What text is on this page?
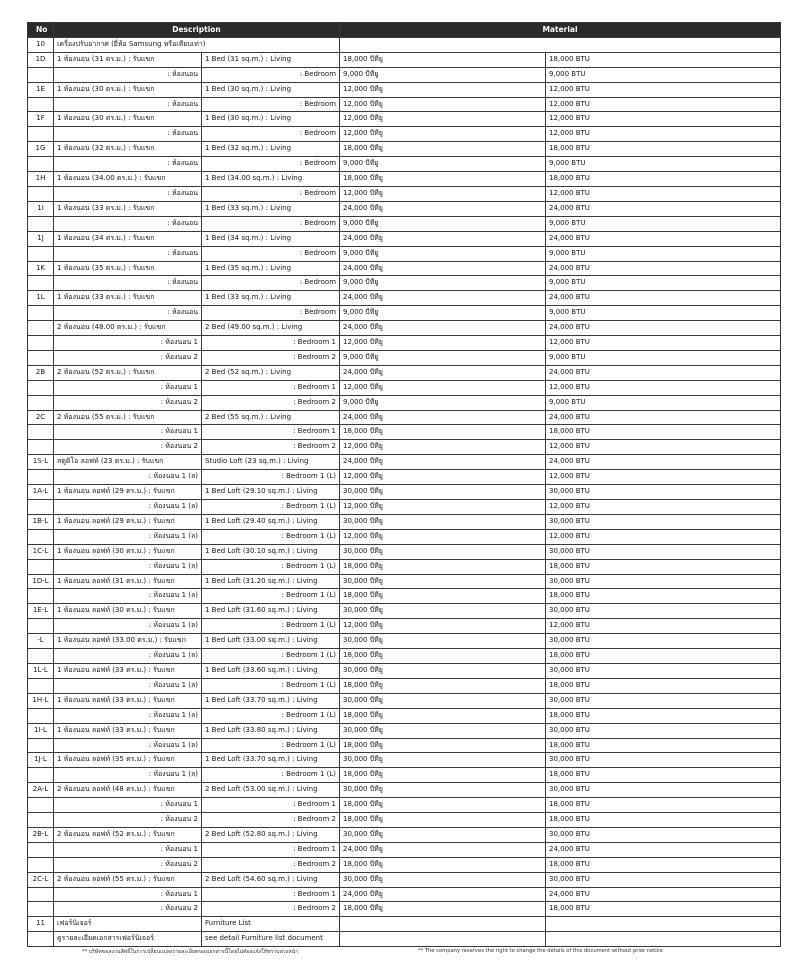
No	Description		Material	
10	เครื่องปรับอากาศ (ยี่ห้อ Samsung หรือเทียบเท่า)			
1D	1 ห้องนอน (31 ตร.ม.) : รับแขก	1 Bed (31 sq.m.) : Living	18,000 บีทียู	18,000 BTU
	: ห้องนอน	: Bedroom	9,000 บีทียู	9,000 BTU
1E	1 ห้องนอน (30 ตร.ม.) : รับแขก	1 Bed (30 sq.m.) : Living	12,000 บีทียู	12,000 BTU
	: ห้องนอน	: Bedroom	12,000 บีทียู	12,000 BTU
1F	1 ห้องนอน (30 ตร.ม.) : รับแขก	1 Bed (30 sq.m.) : Living	12,000 บีทียู	12,000 BTU
	: ห้องนอน	: Bedroom	12,000 บีทียู	12,000 BTU
1G	1 ห้องนอน (32 ตร.ม.) : รับแขก	1 Bed (32 sq.m.) : Living	18,000 บีทียู	18,000 BTU
	: ห้องนอน	: Bedroom	9,000 บีทียู	9,000 BTU
1H	1 ห้องนอน (34.00 ตร.ม.) : รับแขก	1 Bed (34.00 sq.m.) : Living	18,000 บีทียู	18,000 BTU
	: ห้องนอน	: Bedroom	12,000 บีทียู	12,000 BTU
1I	1 ห้องนอน (33 ตร.ม.) : รับแขก	1 Bed (33 sq.m.) : Living	24,000 บีทียู	24,000 BTU
	: ห้องนอน	: Bedroom	9,000 บีทียู	9,000 BTU
1J	1 ห้องนอน (34 ตร.ม.) : รับแขก	1 Bed (34 sq.m.) : Living	24,000 บีทียู	24,000 BTU
	: ห้องนอน	: Bedroom	9,000 บีทียู	9,000 BTU
1K	1 ห้องนอน (35 ตร.ม.) : รับแขก	1 Bed (35 sq.m.) : Living	24,000 บีทียู	24,000 BTU
	: ห้องนอน	: Bedroom	9,000 บีทียู	9,000 BTU
1L	1 ห้องนอน (33 ตร.ม.) : รับแขก	1 Bed (33 sq.m.) : Living	24,000 บีทียู	24,000 BTU
	: ห้องนอน	: Bedroom	9,000 บีทียู	9,000 BTU
	2 ห้องนอน (48.00 ตร.ม.) : รับแขก	2 Bed (49.00 sq.m.) : Living	24,000 บีทียู	24,000 BTU
	: ห้องนอน 1	: Bedroom 1	12,000 บีทียู	12,000 BTU
	: ห้องนอน 2	: Bedroom 2	9,000 บีทียู	9,000 BTU
2B	2 ห้องนอน (52 ตร.ม.) : รับแขก	2 Bed (52 sq.m.) : Living	24,000 บีทียู	24,000 BTU
	: ห้องนอน 1	: Bedroom 1	12,000 บีทียู	12,000 BTU
	: ห้องนอน 2	: Bedroom 2	9,000 บีทียู	9,000 BTU
2C	2 ห้องนอน (55 ตร.ม.) : รับแขก	2 Bed (55 sq.m.) : Living	24,000 บีทียู	24,000 BTU
	: ห้องนอน 1	: Bedroom 1	18,000 บีทียู	18,000 BTU
	: ห้องนอน 2	: Bedroom 2	12,000 บีทียู	12,000 BTU
1S-L	สตูดิโอ ลอฟท์ (23 ตร.ม.) : รับแขก	Studio Loft (23 sq.m.) : Living	24,000 บีทียู	24,000 BTU
	: ห้องนอน 1 (ล)	: Bedroom 1 (L)	12,000 บีทียู	12,000 BTU
1A-L	1 ห้องนอน ลอฟท์ (29 ตร.ม.) : รับแขก	1 Bed Loft (29.10 sq.m.) : Living	30,000 บีทียู	30,000 BTU
	: ห้องนอน 1 (ล)	: Bedroom 1 (L)	12,000 บีทียู	12,000 BTU
1B-L	1 ห้องนอน ลอฟท์ (29 ตร.ม.) : รับแขก	1 Bed Loft (29.40 sq.m.) : Living	30,000 บีทียู	30,000 BTU
	: ห้องนอน 1 (ล)	: Bedroom 1 (L)	12,000 บีทียู	12,000 BTU
1C-L	1 ห้องนอน ลอฟท์ (30 ตร.ม.) : รับแขก	1 Bed Loft (30.10 sq.m.) : Living	30,000 บีทียู	30,000 BTU
	: ห้องนอน 1 (ล)	: Bedroom 1 (L)	18,000 บีทียู	18,000 BTU
1D-L	1 ห้องนอน ลอฟท์ (31 ตร.ม.) : รับแขก	1 Bed Loft (31.20 sq.m.) : Living	30,000 บีทียู	30,000 BTU
	: ห้องนอน 1 (ล)	: Bedroom 1 (L)	18,000 บีทียู	18,000 BTU
1E-L	1 ห้องนอน ลอฟท์ (30 ตร.ม.) : รับแขก	1 Bed Loft (31.60 sq.m.) : Living	30,000 บีทียู	30,000 BTU
	: ห้องนอน 1 (ล)	: Bedroom 1 (L)	12,000 บีทียู	12,000 BTU
-L	1 ห้องนอน ลอฟท์ (33.00 ตร.ม.) : รับแขก	1 Bed Loft (33.00 sq.m.) : Living	30,000 บีทียู	30,000 BTU
	: ห้องนอน 1 (ล)	: Bedroom 1 (L)	18,000 บีทียู	18,000 BTU
1L-L	1 ห้องนอน ลอฟท์ (33 ตร.ม.) : รับแขก	1 Bed Loft (33.60 sq.m.) : Living	30,000 บีทียู	30,000 BTU
	: ห้องนอน 1 (ล)	: Bedroom 1 (L)	18,000 บีทียู	18,000 BTU
1H-L	1 ห้องนอน ลอฟท์ (33 ตร.ม.) : รับแขก	1 Bed Loft (33.70 sq.m.) : Living	30,000 บีทียู	30,000 BTU
	: ห้องนอน 1 (ล)	: Bedroom 1 (L)	18,000 บีทียู	18,000 BTU
1I-L	1 ห้องนอน ลอฟท์ (33 ตร.ม.) : รับแขก	1 Bed Loft (33.80 sq.m.) : Living	30,000 บีทียู	30,000 BTU
	: ห้องนอน 1 (ล)	: Bedroom 1 (L)	18,000 บีทียู	18,000 BTU
1J-L	1 ห้องนอน ลอฟท์ (35 ตร.ม.) : รับแขก	1 Bed Loft (33.70 sq.m.) : Living	30,000 บีทียู	30,000 BTU
	: ห้องนอน 1 (ล)	: Bedroom 1 (L)	18,000 บีทียู	18,000 BTU
2A-L	2 ห้องนอน ลอฟท์ (48 ตร.ม.) : รับแขก	2 Bed Loft (53.00 sq.m.) : Living	30,000 บีทียู	30,000 BTU
	: ห้องนอน 1	: Bedroom 1	18,000 บีทียู	18,000 BTU
	: ห้องนอน 2	: Bedroom 2	18,000 บีทียู	18,000 BTU
2B-L	2 ห้องนอน ลอฟท์ (52 ตร.ม.) : รับแขก	2 Bed Loft (52.80 sq.m.) : Living	30,000 บีทียู	30,000 BTU
	: ห้องนอน 1	: Bedroom 1	24,000 บีทียู	24,000 BTU
	: ห้องนอน 2	: Bedroom 2	18,000 บีทียู	18,000 BTU
2C-L	2 ห้องนอน ลอฟท์ (55 ตร.ม.) : รับแขก	2 Bed Loft (54.60 sq.m.) : Living	30,000 บีทียู	30,000 BTU
	: ห้องนอน 1	: Bedroom 1	24,000 บีทียู	24,000 BTU
	: ห้องนอน 2	: Bedroom 2	18,000 บีทียู	18,000 BTU
11	เฟอร์นิเจอร์	Furniture List		
	ดูรายละเอียดเอกสารเฟอร์นิเจอร์	see detail Furniture list document		
** บริษัทขอสงวนสิทธิ์ในการเปลี่ยนแปลงรายละเอียดของเอกสารนี้โดยไม่ต้องแจ้งให้ทราบล่วงหน้า	** The company reserves the right to change the details of this document without prior notice
